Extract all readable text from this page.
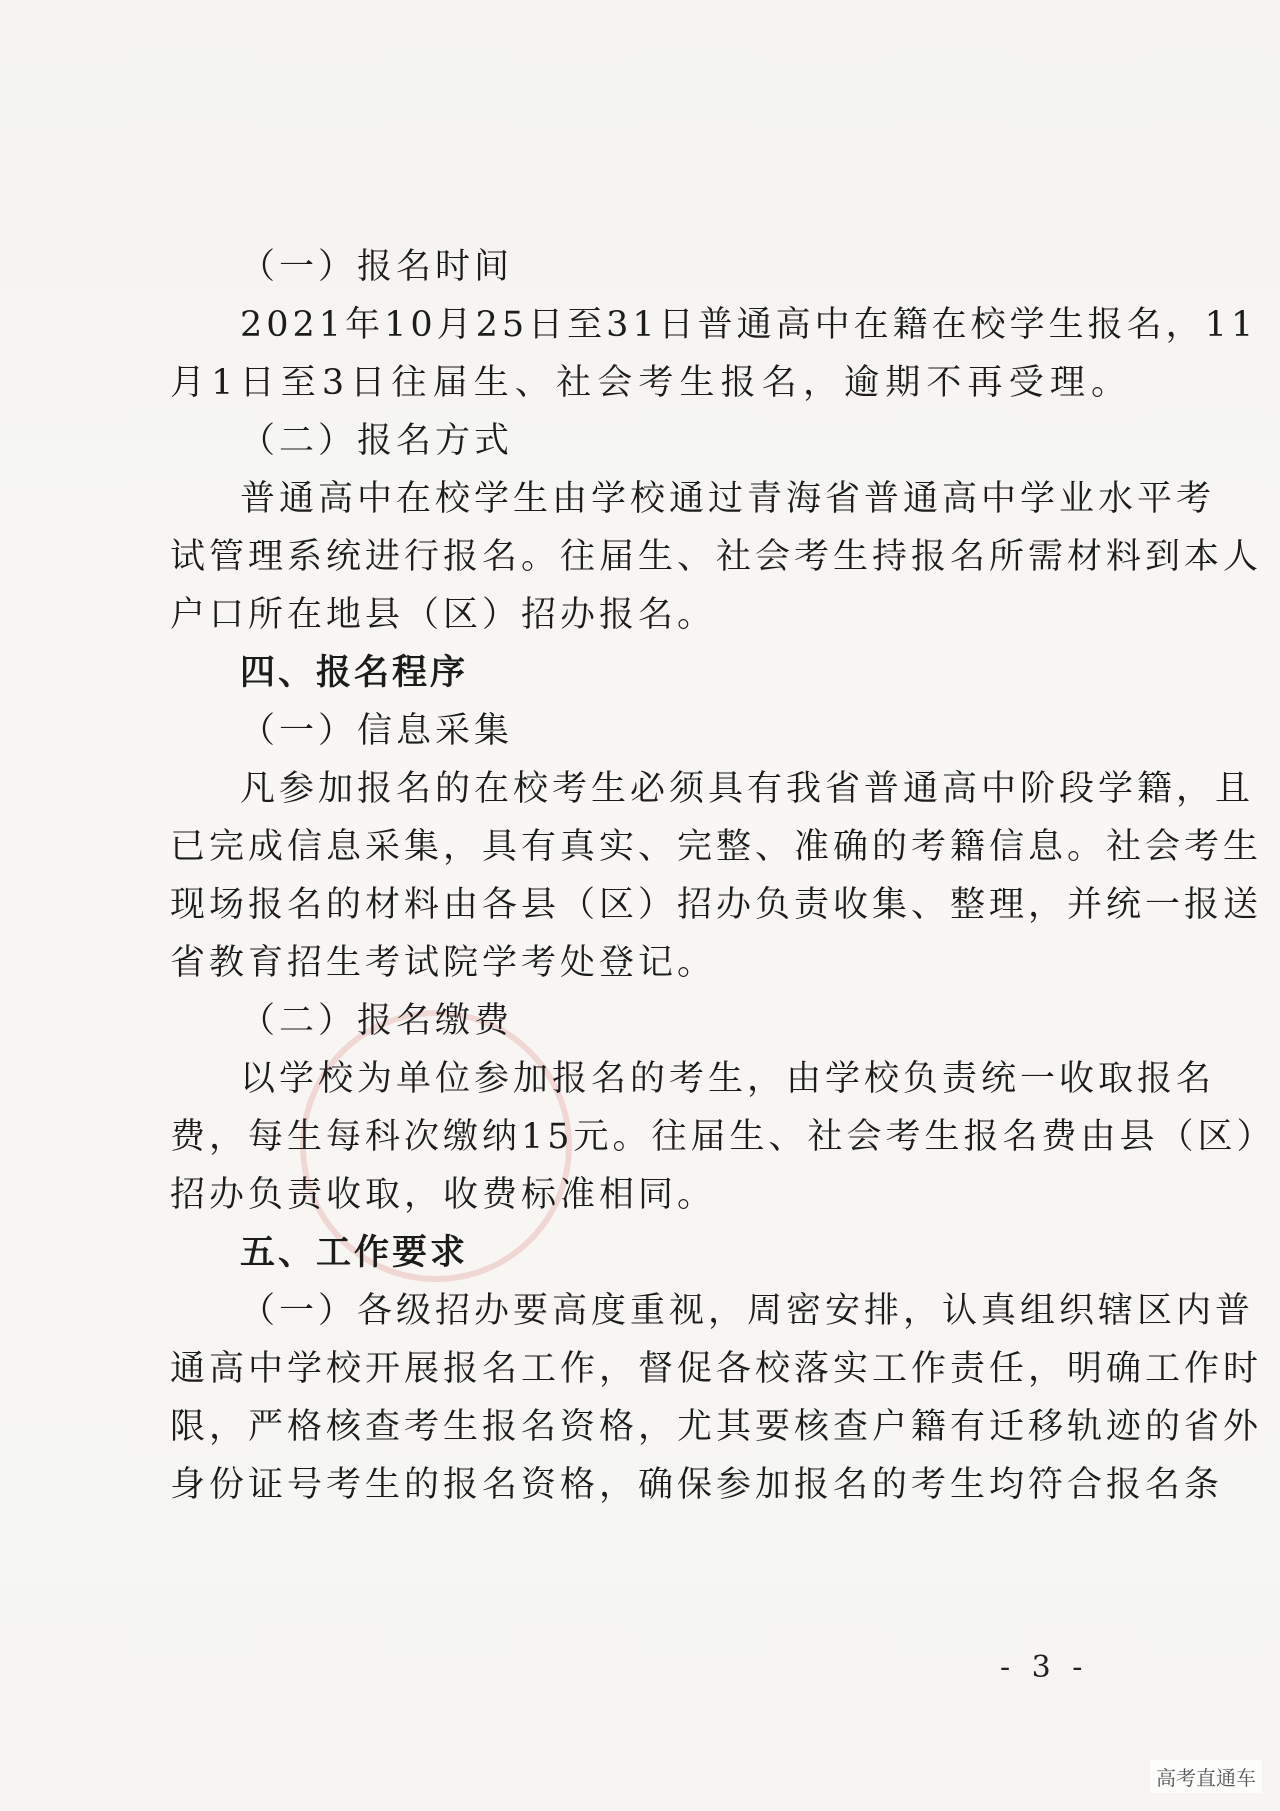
（一）报名时间
2021年10月25日至31日普通高中在籍在校学生报名，11
月1日至3日往届生、社会考生报名，逾期不再受理。
（二）报名方式
普通高中在校学生由学校通过青海省普通高中学业水平考
试管理系统进行报名。往届生、社会考生持报名所需材料到本人
户口所在地县（区）招办报名。
四、报名程序
（一）信息采集
凡参加报名的在校考生必须具有我省普通高中阶段学籍，且
已完成信息采集，具有真实、完整、准确的考籍信息。社会考生
现场报名的材料由各县（区）招办负责收集、整理，并统一报送
省教育招生考试院学考处登记。
（二）报名缴费
以学校为单位参加报名的考生，由学校负责统一收取报名
费，每生每科次缴纳15元。往届生、社会考生报名费由县（区）
招办负责收取，收费标准相同。
五、工作要求
（一）各级招办要高度重视，周密安排，认真组织辖区内普
通高中学校开展报名工作，督促各校落实工作责任，明确工作时
限，严格核查考生报名资格，尤其要核查户籍有迁移轨迹的省外
身份证号考生的报名资格，确保参加报名的考生均符合报名条
- 3 -
高考直通车
